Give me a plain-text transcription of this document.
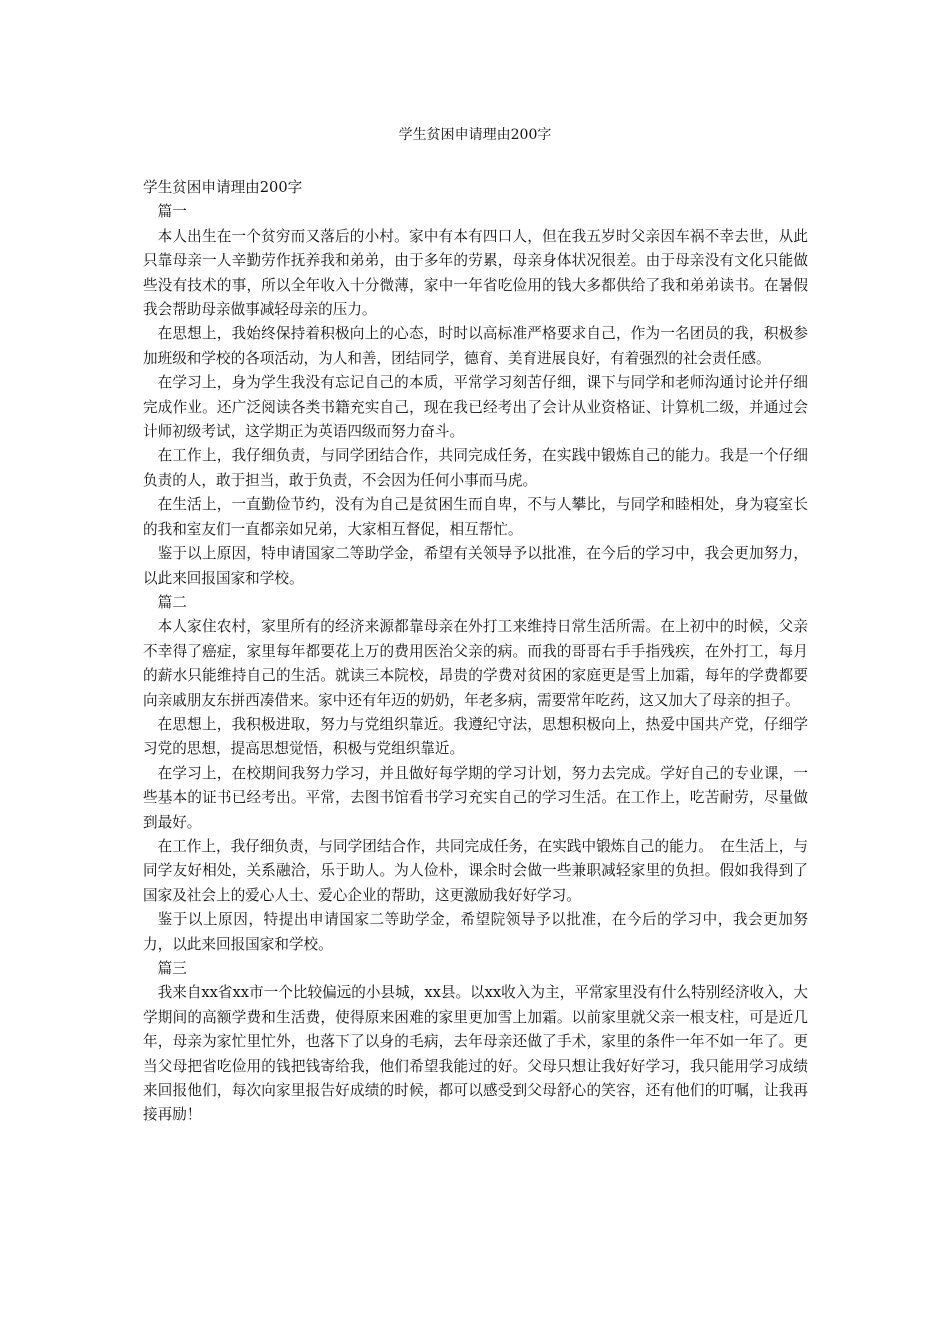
学生贫困申请理由200字

学生贫困申请理由200字

篇一

本人出生在一个贫穷而又落后的小村。家中有本有四口人，但在我五岁时父亲因车祸不幸去世，从此只靠母亲一人辛勤劳作抚养我和弟弟，由于多年的劳累，母亲身体状况很差。由于母亲没有文化只能做些没有技术的事，所以全年收入十分微薄，家中一年省吃俭用的钱大多都供给了我和弟弟读书。在暑假我会帮助母亲做事减轻母亲的压力。

在思想上，我始终保持着积极向上的心态，时时以高标准严格要求自己，作为一名团员的我，积极参加班级和学校的各项活动，为人和善，团结同学，德育、美育进展良好，有着强烈的社会责任感。

在学习上，身为学生我没有忘记自己的本质，平常学习刻苦仔细，课下与同学和老师沟通讨论并仔细完成作业。还广泛阅读各类书籍充实自己，现在我已经考出了会计从业资格证、计算机二级，并通过会计师初级考试，这学期正为英语四级而努力奋斗。

在工作上，我仔细负责，与同学团结合作，共同完成任务，在实践中锻炼自己的能力。我是一个仔细负责的人，敢于担当，敢于负责，不会因为任何小事而马虎。

在生活上，一直勤俭节约，没有为自己是贫困生而自卑，不与人攀比，与同学和睦相处，身为寝室长的我和室友们一直都亲如兄弟，大家相互督促，相互帮忙。

鉴于以上原因，特申请国家二等助学金，希望有关领导予以批准，在今后的学习中，我会更加努力，以此来回报国家和学校。

篇二

本人家住农村，家里所有的经济来源都靠母亲在外打工来维持日常生活所需。在上初中的时候，父亲不幸得了癌症，家里每年都要花上万的费用医治父亲的病。而我的哥哥右手手指残疾，在外打工，每月的薪水只能维持自己的生活。就读三本院校，昂贵的学费对贫困的家庭更是雪上加霜，每年的学费都要向亲戚朋友东拼西凑借来。家中还有年迈的奶奶，年老多病，需要常年吃药，这又加大了母亲的担子。

在思想上，我积极进取，努力与党组织靠近。我遵纪守法，思想积极向上，热爱中国共产党，仔细学习党的思想，提高思想觉悟，积极与党组织靠近。

在学习上，在校期间我努力学习，并且做好每学期的学习计划，努力去完成。学好自己的专业课，一些基本的证书已经考出。平常，去图书馆看书学习充实自己的学习生活。在工作上，吃苦耐劳，尽量做到最好。

在工作上，我仔细负责，与同学团结合作，共同完成任务，在实践中锻炼自己的能力。　在生活上，与同学友好相处，关系融洽，乐于助人。为人俭朴，课余时会做一些兼职减轻家里的负担。假如我得到了国家及社会上的爱心人士、爱心企业的帮助，这更激励我好好学习。

鉴于以上原因，特提出申请国家二等助学金，希望院领导予以批准，在今后的学习中，我会更加努力，以此来回报国家和学校。

篇三

我来自xx省xx市一个比较偏远的小县城，xx县。以xx收入为主，平常家里没有什么特别经济收入，大学期间的高额学费和生活费，使得原来困难的家里更加雪上加霜。以前家里就父亲一根支柱，可是近几年，母亲为家忙里忙外，也落下了以身的毛病，去年母亲还做了手术，家里的条件一年不如一年了。更当父母把省吃俭用的钱把钱寄给我，他们希望我能过的好。父母只想让我好好学习，我只能用学习成绩来回报他们，每次向家里报告好成绩的时候，都可以感受到父母舒心的笑容，还有他们的叮嘱，让我再接再励！
